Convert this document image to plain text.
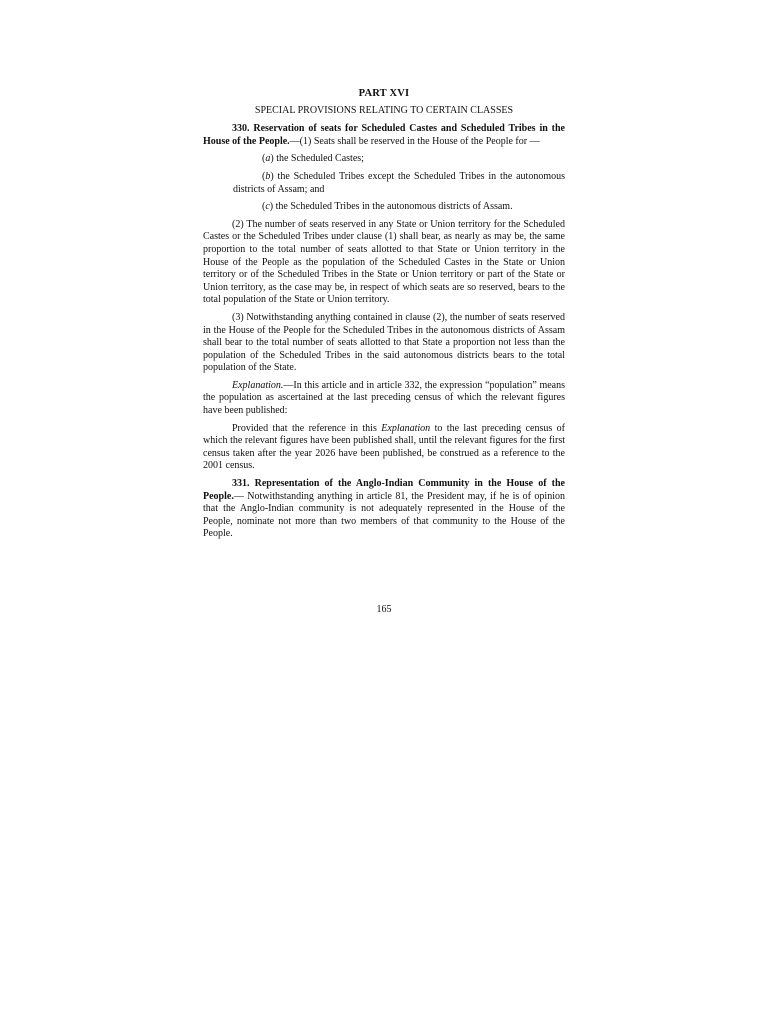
PART XVI
SPECIAL PROVISIONS RELATING TO CERTAIN CLASSES

330. Reservation of seats for Scheduled Castes and Scheduled Tribes in the House of the People.—(1) Seats shall be reserved in the House of the People for —

(a) the Scheduled Castes;

(b) the Scheduled Tribes except the Scheduled Tribes in the autonomous districts of Assam; and

(c) the Scheduled Tribes in the autonomous districts of Assam.

(2) The number of seats reserved in any State or Union territory for the Scheduled Castes or the Scheduled Tribes under clause (1) shall bear, as nearly as may be, the same proportion to the total number of seats allotted to that State or Union territory in the House of the People as the population of the Scheduled Castes in the State or Union territory or of the Scheduled Tribes in the State or Union territory or part of the State or Union territory, as the case may be, in respect of which seats are so reserved, bears to the total population of the State or Union territory.

(3) Notwithstanding anything contained in clause (2), the number of seats reserved in the House of the People for the Scheduled Tribes in the autonomous districts of Assam shall bear to the total number of seats allotted to that State a proportion not less than the population of the Scheduled Tribes in the said autonomous districts bears to the total population of the State.

Explanation.—In this article and in article 332, the expression “population” means the population as ascertained at the last preceding census of which the relevant figures have been published:

Provided that the reference in this Explanation to the last preceding census of which the relevant figures have been published shall, until the relevant figures for the first census taken after the year 2026 have been published, be construed as a reference to the 2001 census.

331. Representation of the Anglo-Indian Community in the House of the People.— Notwithstanding anything in article 81, the President may, if he is of opinion that the Anglo-Indian community is not adequately represented in the House of the People, nominate not more than two members of that community to the House of the People.

165
